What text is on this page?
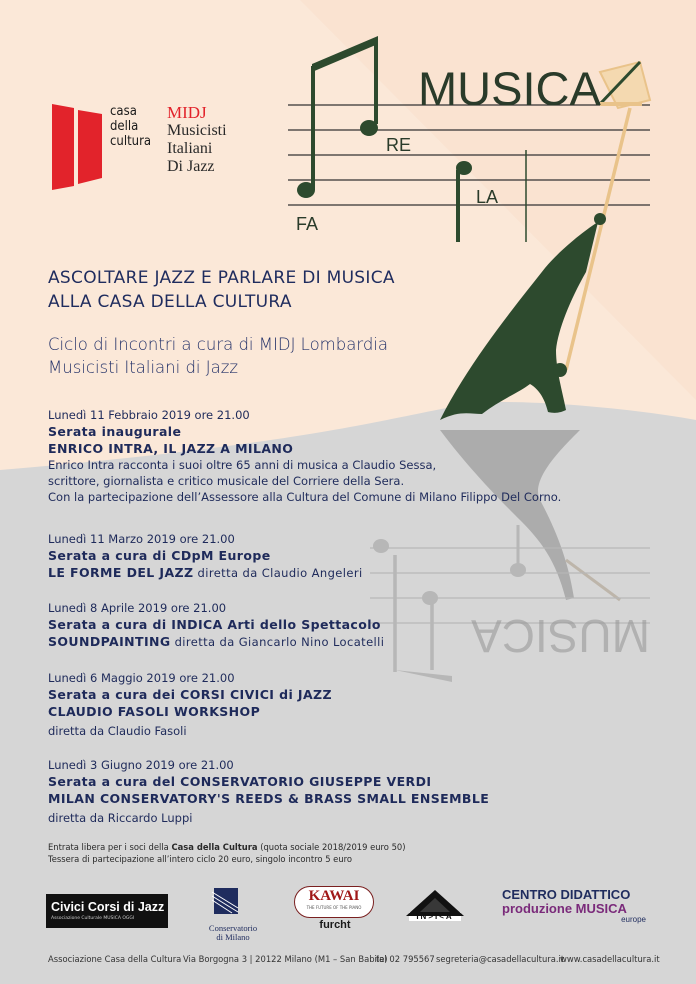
casa
della
cultura
MIDJ
Musicisti
Italiani
Di Jazz
MUSICA
RE
FA
LA
MUSICA
ASCOLTARE JAZZ E PARLARE DI MUSICA
ALLA CASA DELLA CULTURA
Ciclo di Incontri a cura di MIDJ Lombardia
Musicisti Italiani di Jazz
Lunedì 11 Febbraio 2019 ore 21.00
Serata inaugurale
ENRICO INTRA, IL JAZZ A MILANO
Enrico Intra racconta i suoi oltre 65 anni di musica a Claudio Sessa,
scrittore, giornalista e critico musicale del Corriere della Sera.
Con la partecipazione dell’Assessore alla Cultura del Comune di Milano Filippo Del Corno.
Lunedì 11 Marzo 2019 ore 21.00
Serata a cura di CDpM Europe
LE FORME DEL JAZZ diretta da Claudio Angeleri
Lunedì 8 Aprile 2019 ore 21.00
Serata a cura di INDICA Arti dello Spettacolo
SOUNDPAINTING diretta da Giancarlo Nino Locatelli
Lunedì 6 Maggio 2019 ore 21.00
Serata a cura dei CORSI CIVICI di JAZZ
CLAUDIO FASOLI WORKSHOP
diretta da Claudio Fasoli
Lunedì 3 Giugno 2019 ore 21.00
Serata a cura del CONSERVATORIO GIUSEPPE VERDI
MILAN CONSERVATORY'S REEDS & BRASS SMALL ENSEMBLE
diretta da Riccardo Luppi
Entrata libera per i soci della Casa della Cultura (quota sociale 2018/2019 euro 50)
Tessera di partecipazione all’intero ciclo 20 euro, singolo incontro 5 euro
Civici Corsi di Jazz
Associazione Culturale MUSICA OGGI
Conservatorio
di Milano
KAWAI
THE FUTURE OF THE PIANO
furcht
IN>I<A
CENTRO DIDATTICO
produzione MUSICA
europe
Associazione Casa della Cultura Via Borgogna 3 | 20122 Milano (M1 – San Babila)
tel 02 795567 segreteria@casadellacultura.it
www.casadellacultura.it
